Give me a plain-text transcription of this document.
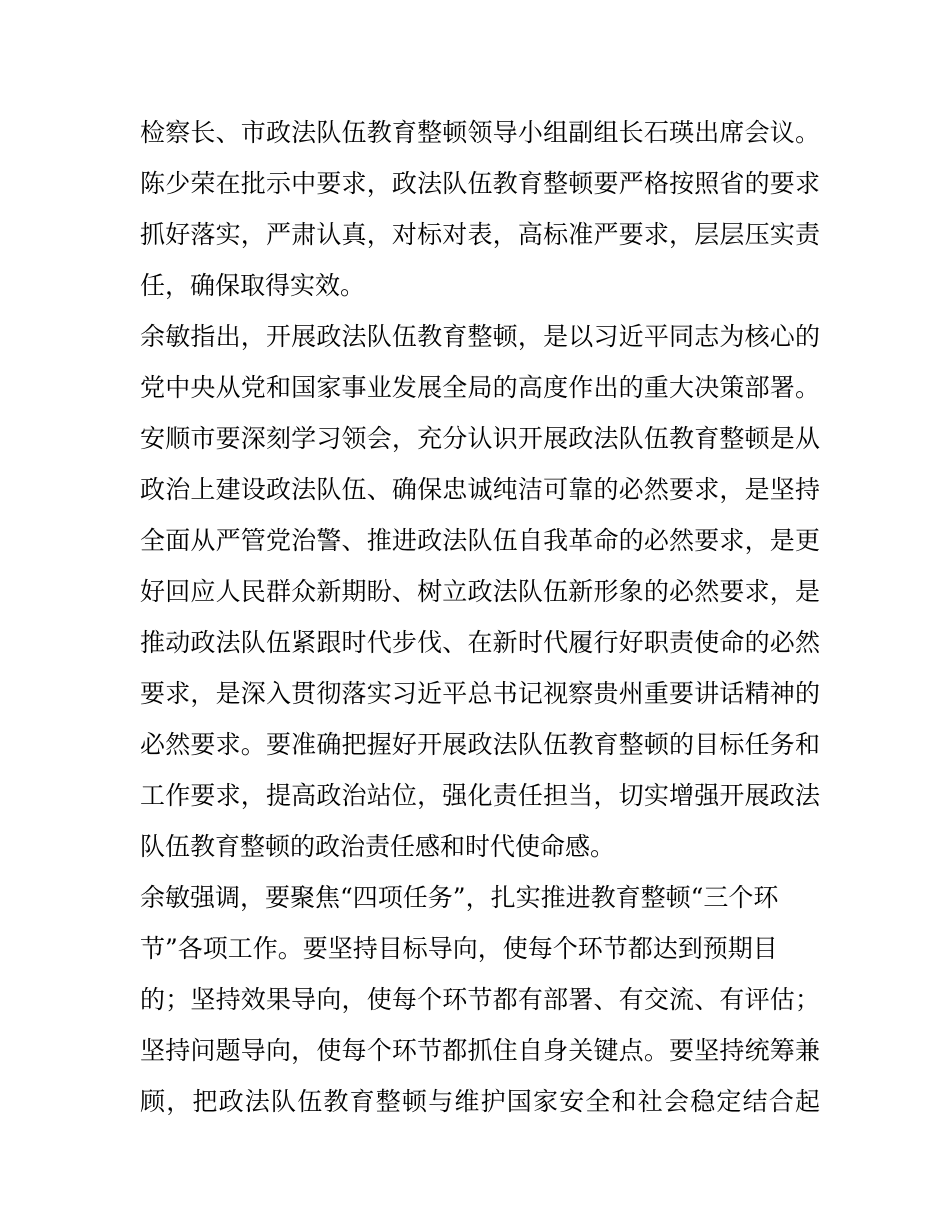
检察长、市政法队伍教育整顿领导小组副组长石瑛出席会议。
陈少荣在批示中要求，政法队伍教育整顿要严格按照省的要求
抓好落实，严肃认真，对标对表，高标准严要求，层层压实责
任，确保取得实效。
余敏指出，开展政法队伍教育整顿，是以习近平同志为核心的
党中央从党和国家事业发展全局的高度作出的重大决策部署。
安顺市要深刻学习领会，充分认识开展政法队伍教育整顿是从
政治上建设政法队伍、确保忠诚纯洁可靠的必然要求，是坚持
全面从严管党治警、推进政法队伍自我革命的必然要求，是更
好回应人民群众新期盼、树立政法队伍新形象的必然要求，是
推动政法队伍紧跟时代步伐、在新时代履行好职责使命的必然
要求，是深入贯彻落实习近平总书记视察贵州重要讲话精神的
必然要求。要准确把握好开展政法队伍教育整顿的目标任务和
工作要求，提高政治站位，强化责任担当，切实增强开展政法
队伍教育整顿的政治责任感和时代使命感。
余敏强调，要聚焦“四项任务”，扎实推进教育整顿“三个环
节”各项工作。要坚持目标导向，使每个环节都达到预期目
的；坚持效果导向，使每个环节都有部署、有交流、有评估；
坚持问题导向，使每个环节都抓住自身关键点。要坚持统筹兼
顾，把政法队伍教育整顿与维护国家安全和社会稳定结合起
